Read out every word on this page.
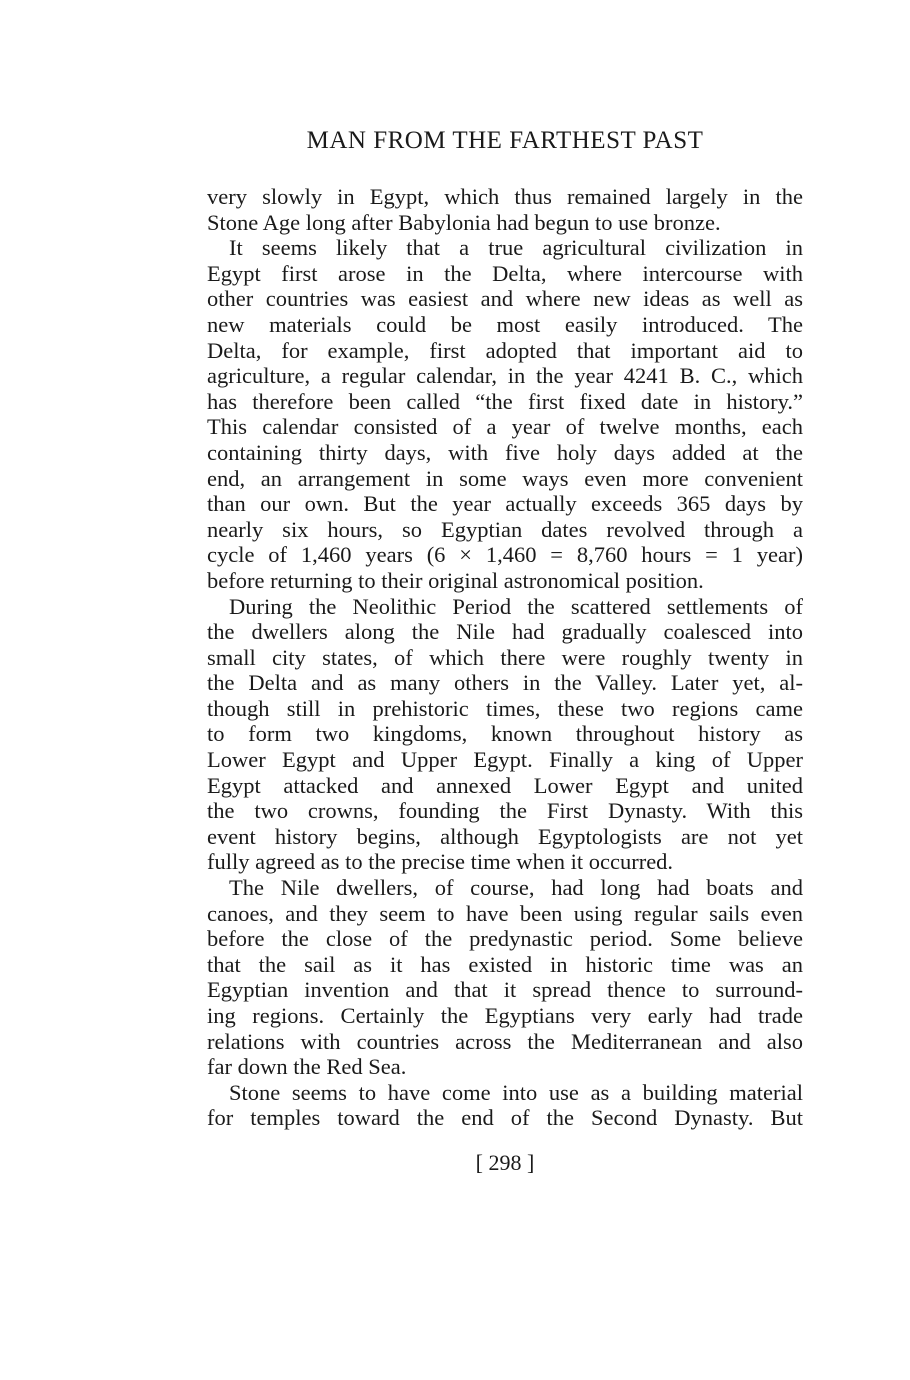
MAN FROM THE FARTHEST PAST
very slowly in Egypt, which thus remained largely in the
Stone Age long after Babylonia had begun to use bronze.
It seems likely that a true agricultural civilization in
Egypt first arose in the Delta, where intercourse with
other countries was easiest and where new ideas as well as
new materials could be most easily introduced. The
Delta, for example, first adopted that important aid to
agriculture, a regular calendar, in the year 4241 B. C., which
has therefore been called “the first fixed date in history.”
This calendar consisted of a year of twelve months, each
containing thirty days, with five holy days added at the
end, an arrangement in some ways even more convenient
than our own. But the year actually exceeds 365 days by
nearly six hours, so Egyptian dates revolved through a
cycle of 1,460 years (6 × 1,460 = 8,760 hours = 1 year)
before returning to their original astronomical position.
During the Neolithic Period the scattered settlements of
the dwellers along the Nile had gradually coalesced into
small city states, of which there were roughly twenty in
the Delta and as many others in the Valley. Later yet, al-
though still in prehistoric times, these two regions came
to form two kingdoms, known throughout history as
Lower Egypt and Upper Egypt. Finally a king of Upper
Egypt attacked and annexed Lower Egypt and united
the two crowns, founding the First Dynasty. With this
event history begins, although Egyptologists are not yet
fully agreed as to the precise time when it occurred.
The Nile dwellers, of course, had long had boats and
canoes, and they seem to have been using regular sails even
before the close of the predynastic period. Some believe
that the sail as it has existed in historic time was an
Egyptian invention and that it spread thence to surround-
ing regions. Certainly the Egyptians very early had trade
relations with countries across the Mediterranean and also
far down the Red Sea.
Stone seems to have come into use as a building material
for temples toward the end of the Second Dynasty. But
[ 298 ]
